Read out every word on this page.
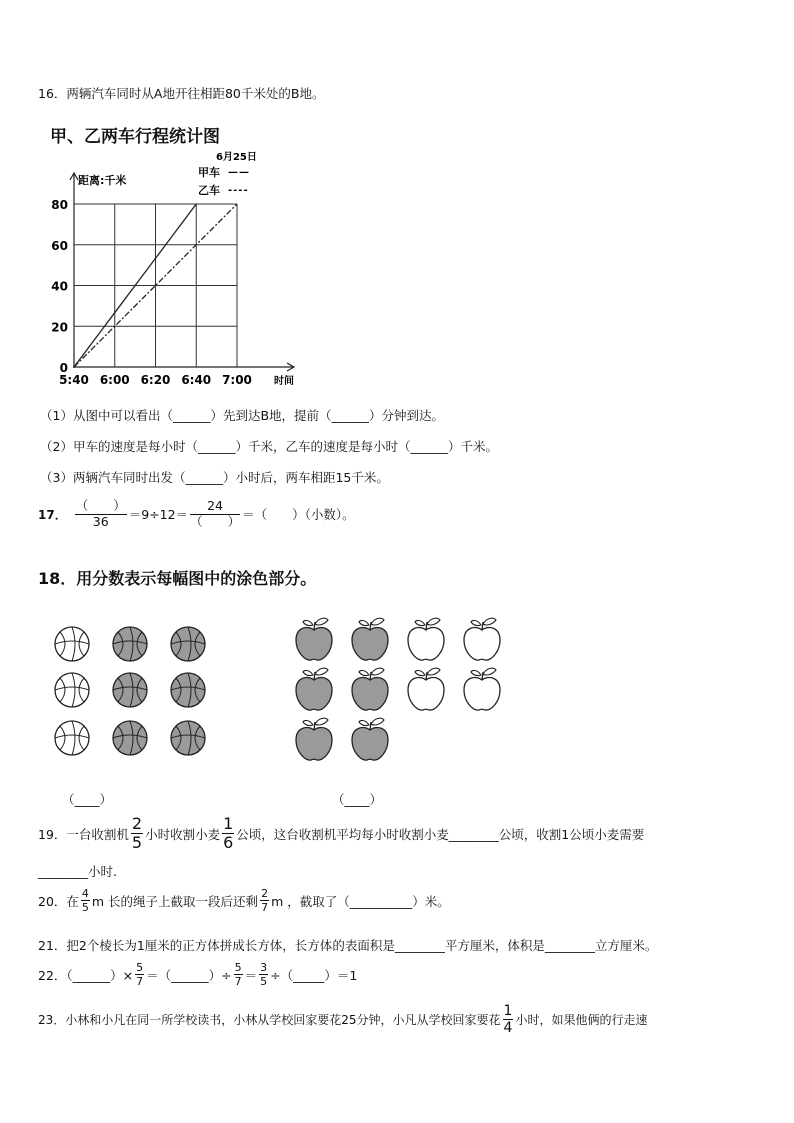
16．两辆汽车同时从A地开往相距80千米处的B地。
甲、乙两车行程统计图
0
20
40
60
80
5:40 6:00 6:20 6:40 7:00
距离:千米
时间
6月25日
甲车 ——
乙车 ----
（1）从图中可以看出（______）先到达B地，提前（______）分钟到达。
（2）甲车的速度是每小时（______）千米，乙车的速度是每小时（______）千米。
（3）两辆汽车同时出发（______）小时后，两车相距15千米。
17．
（　　）
36	＝9÷12＝
24
（　　） ＝（　　）（小数）。
18．用分数表示每幅图中的涂色部分。
（____）	（____）
19．一台收割机 $\frac{2}{5}$ 小时收割小麦 $\frac{1}{6}$ 公顷，这台收割机平均每小时收割小麦________公顷，收割1公顷小麦需要
________小时.
20．在 $\frac{4}{5}$ m 长的绳子上截取一段后还剩 $\frac{2}{7}$ m ，截取了（__________）米。
21．把2个棱长为1厘米的正方体拼成长方体，长方体的表面积是________平方厘米，体积是________立方厘米。
22．（______）× $\frac{5}{7}$ ＝（______）÷ $\frac{5}{7} = \frac{3}{5}$ ÷（_____）＝1
23．小林和小凡在同一所学校读书，小林从学校回家要花25分钟，小凡从学校回家要花 $\frac{1}{4}$ 小时，如果他俩的行走速
